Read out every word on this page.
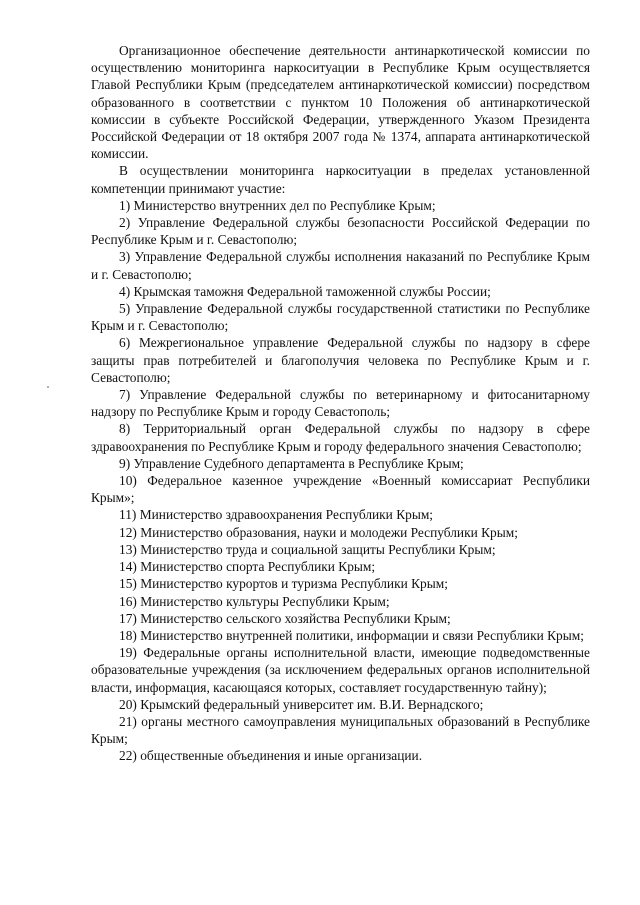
Организационное обеспечение деятельности антинаркотической комиссии по осуществлению мониторинга наркоситуации в Республике Крым осуществляется Главой Республики Крым (председателем антинаркотической комиссии) посредством образованного в соответствии с пунктом 10 Положения об антинаркотической комиссии в субъекте Российской Федерации, утвержденного Указом Президента Российской Федерации от 18 октября 2007 года № 1374, аппарата антинаркотической комиссии.

В осуществлении мониторинга наркоситуации в пределах установленной компетенции принимают участие:

1) Министерство внутренних дел по Республике Крым;

2) Управление Федеральной службы безопасности Российской Федерации по Республике Крым и г. Севастополю;

3) Управление Федеральной службы исполнения наказаний по Республике Крым и г. Севастополю;

4) Крымская таможня Федеральной таможенной службы России;

5) Управление Федеральной службы государственной статистики по Республике Крым и г. Севастополю;

6) Межрегиональное управление Федеральной службы по надзору в сфере защиты прав потребителей и благополучия человека по Республике Крым и г. Севастополю;

7) Управление Федеральной службы по ветеринарному и фитосанитарному надзору по Республике Крым и городу Севастополь;

8) Территориальный орган Федеральной службы по надзору в сфере здравоохранения по Республике Крым и городу федерального значения Севастополю;

9) Управление Судебного департамента в Республике Крым;

10) Федеральное казенное учреждение «Военный комиссариат Республики Крым»;

11) Министерство здравоохранения Республики Крым;

12) Министерство образования, науки и молодежи Республики Крым;

13) Министерство труда и социальной защиты Республики Крым;

14) Министерство спорта Республики Крым;

15) Министерство курортов и туризма Республики Крым;

16) Министерство культуры Республики Крым;

17) Министерство сельского хозяйства Республики Крым;

18) Министерство внутренней политики, информации и связи Республики Крым;

19) Федеральные органы исполнительной власти, имеющие подведомственные образовательные учреждения (за исключением федеральных органов исполнительной власти, информация, касающаяся которых, составляет государственную тайну);

20) Крымский федеральный университет им. В.И. Вернадского;

21) органы местного самоуправления муниципальных образований в Республике Крым;

22) общественные объединения и иные организации.
